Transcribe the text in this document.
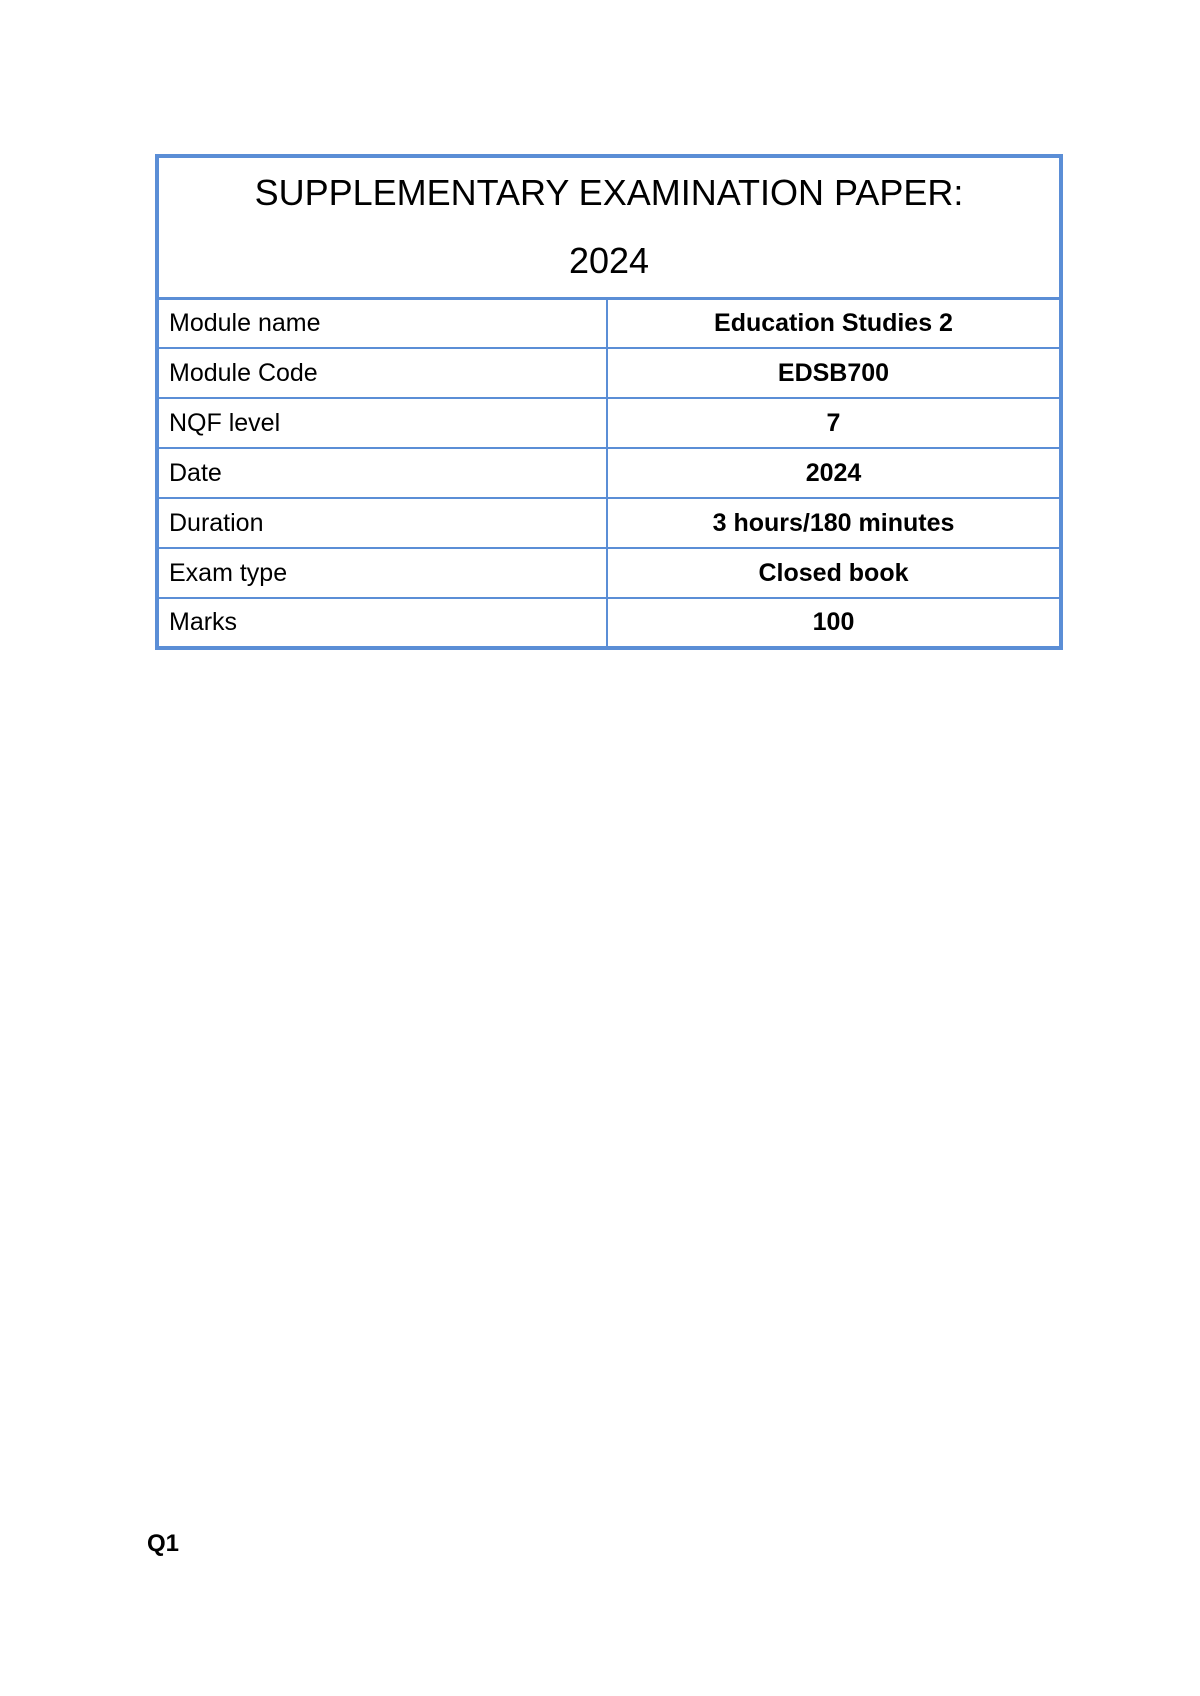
SUPPLEMENTARY EXAMINATION PAPER:
2024	

Module name	Education Studies 2
Module Code	EDSB700
NQF level	7
Date	2024
Duration	3 hours/180 minutes
Exam type	Closed book
Marks	100
Q1
